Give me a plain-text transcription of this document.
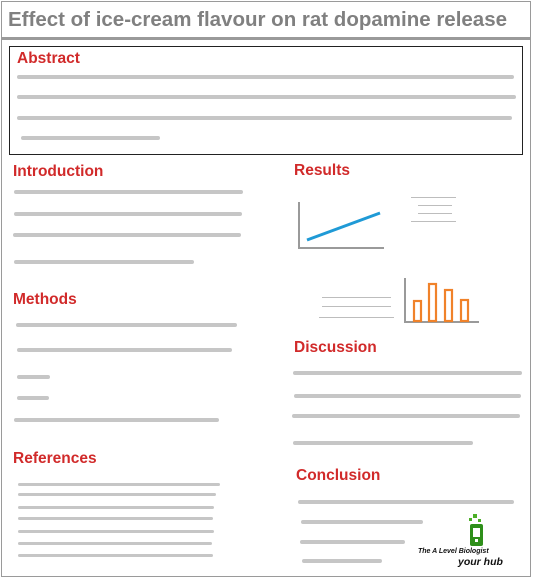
Effect of ice-cream flavour on rat dopamine release
Abstract
Introduction
Methods
References
Results
Discussion
Conclusion
The A Level Biologist
your hub
